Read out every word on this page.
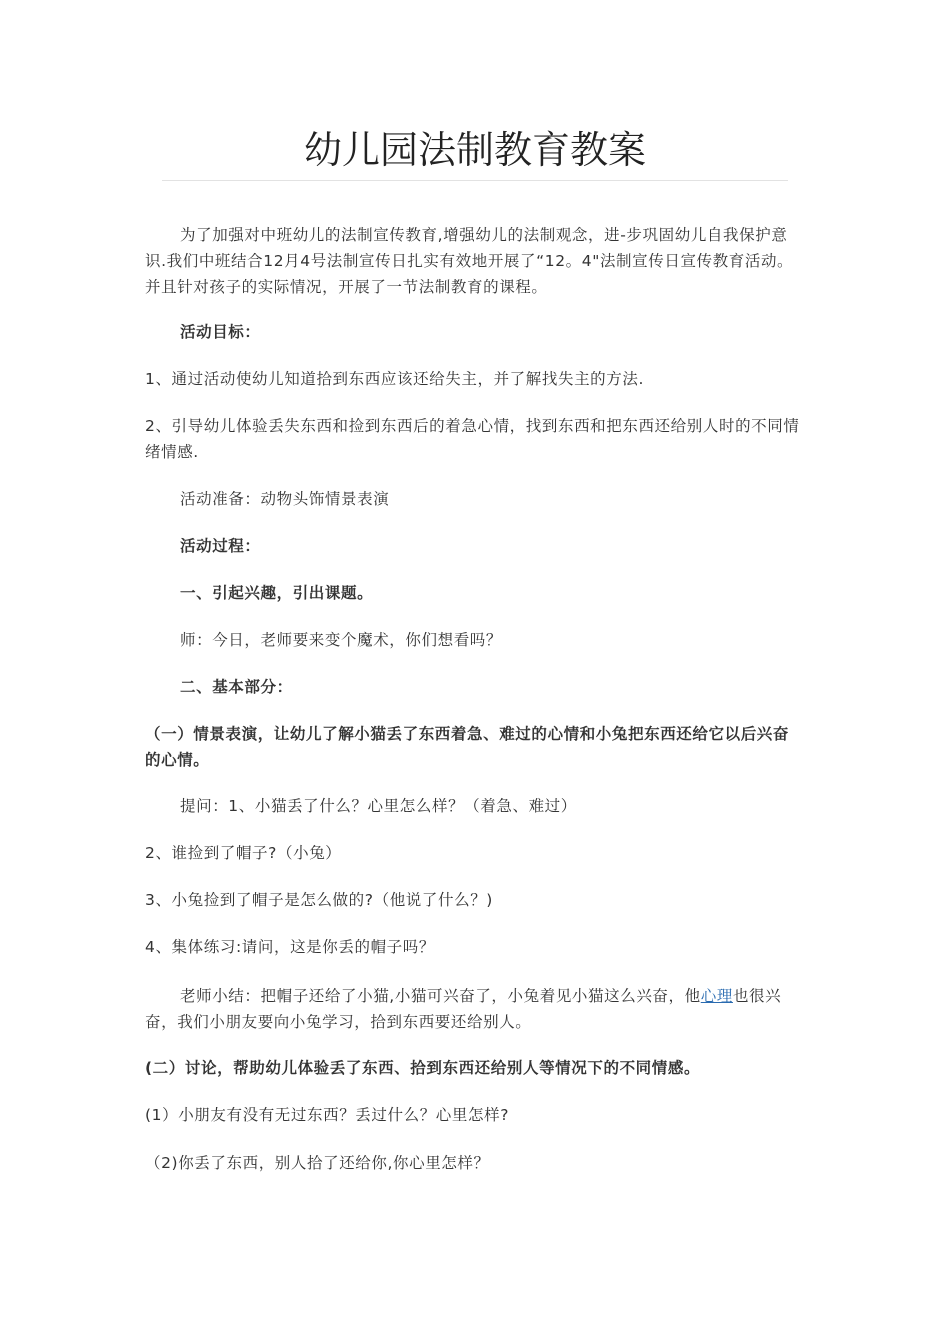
幼儿园法制教育教案

为了加强对中班幼儿的法制宣传教育,增强幼儿的法制观念，进-步巩固幼儿自我保护意识.我们中班结合12月4号法制宣传日扎实有效地开展了“12。4"法制宣传日宣传教育活动。并且针对孩子的实际情况，开展了一节法制教育的课程。

活动目标：

1、通过活动使幼儿知道拾到东西应该还给失主，并了解找失主的方法.

2、引导幼儿体验丢失东西和捡到东西后的着急心情，找到东西和把东西还给别人时的不同情绪情感.

活动准备：动物头饰情景表演

活动过程：

一、引起兴趣，引出课题。

师：今日，老师要来变个魔术，你们想看吗？

二、基本部分：

（一）情景表演，让幼儿了解小猫丢了东西着急、难过的心情和小兔把东西还给它以后兴奋的心情。

提问：1、小猫丢了什么？心里怎么样？（着急、难过）

2、谁捡到了帽子?（小兔）

3、小兔捡到了帽子是怎么做的?（他说了什么？)

4、集体练习:请问，这是你丢的帽子吗？

老师小结：把帽子还给了小猫,小猫可兴奋了，小兔着见小猫这么兴奋，他心理也很兴奋，我们小朋友要向小兔学习，拾到东西要还给别人。

(二）讨论，帮助幼儿体验丢了东西、拾到东西还给别人等情况下的不同情感。

(1）小朋友有没有无过东西？丢过什么？心里怎样?

（2)你丢了东西，别人拾了还给你,你心里怎样？
